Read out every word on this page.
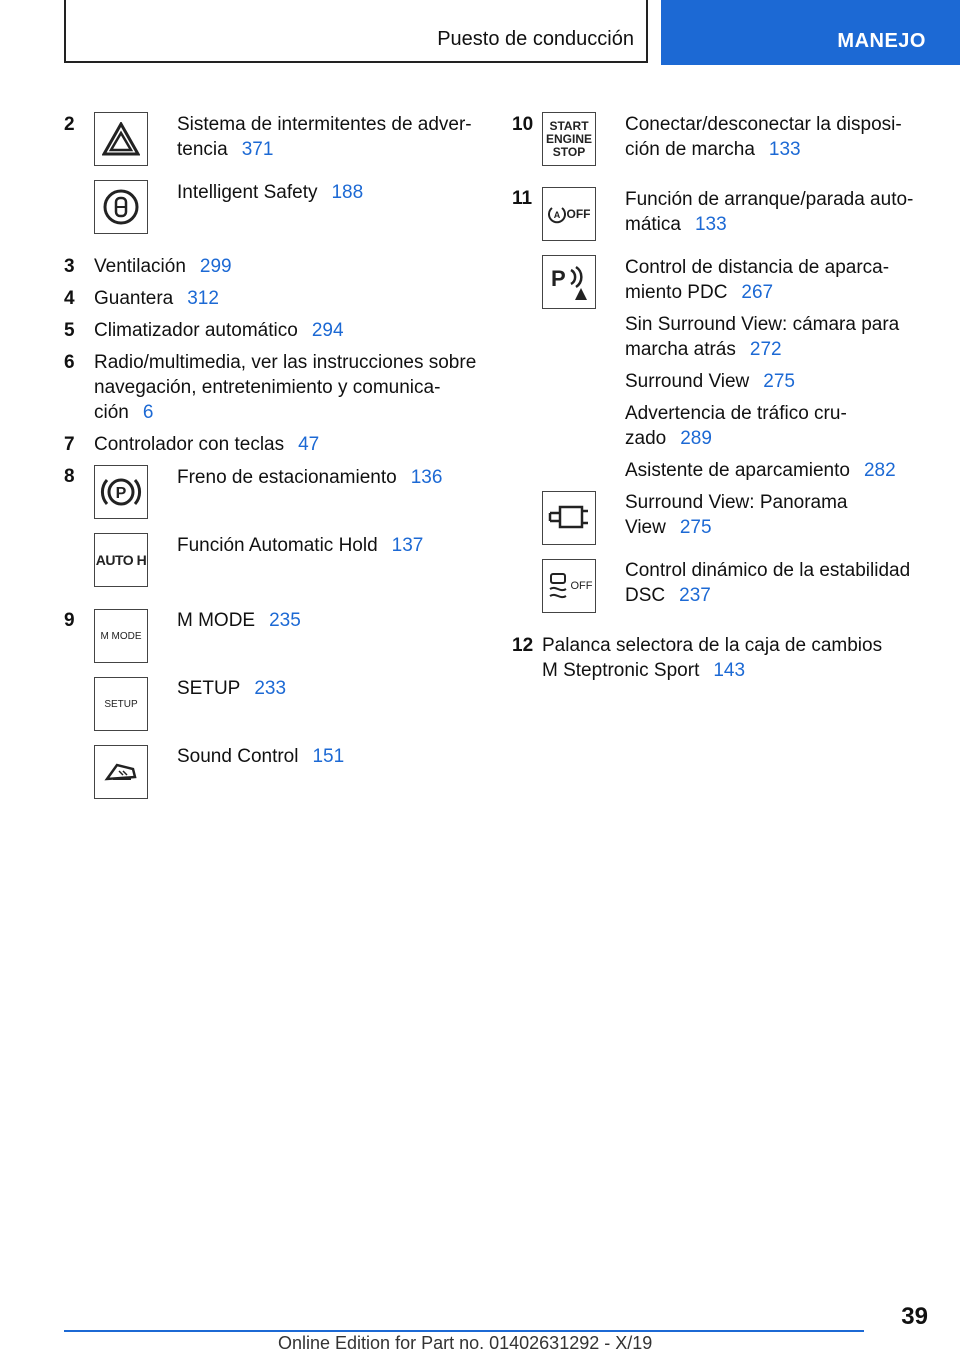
Puesto de conducción	MANEJO
2	Sistema de intermitentes de adver-
tencia 371
Intelligent Safety 188
3 Ventilación 299
4 Guantera 312
5 Climatizador automático 294
6 Radio/multimedia, ver las instrucciones sobre
navegación, entretenimiento y comunica-
ción 6
7 Controlador con teclas 47
8
P
Freno de estacionamiento 136
AUTO H
Función Automatic Hold 137
9
M MODE
M MODE 235
SETUP
SETUP 233
Sound Control 151
10 START
ENGINE
STOP
Conectar/desconectar la disposi-
ción de marcha 133
11
A OFF
Función de arranque/parada auto-
mática 133
P	Control de distancia de aparca-
miento PDC 267
Sin Surround View: cámara para
marcha atrás 272
Surround View 275
Advertencia de tráfico cru-
zado 289
Asistente de aparcamiento 282
Surround View: Panorama
View 275
OFF
Control dinámico de la estabilidad
DSC 237
12 Palanca selectora de la caja de cambios
M Steptronic Sport 143
39
Online Edition for Part no. 01402631292 - X/19
